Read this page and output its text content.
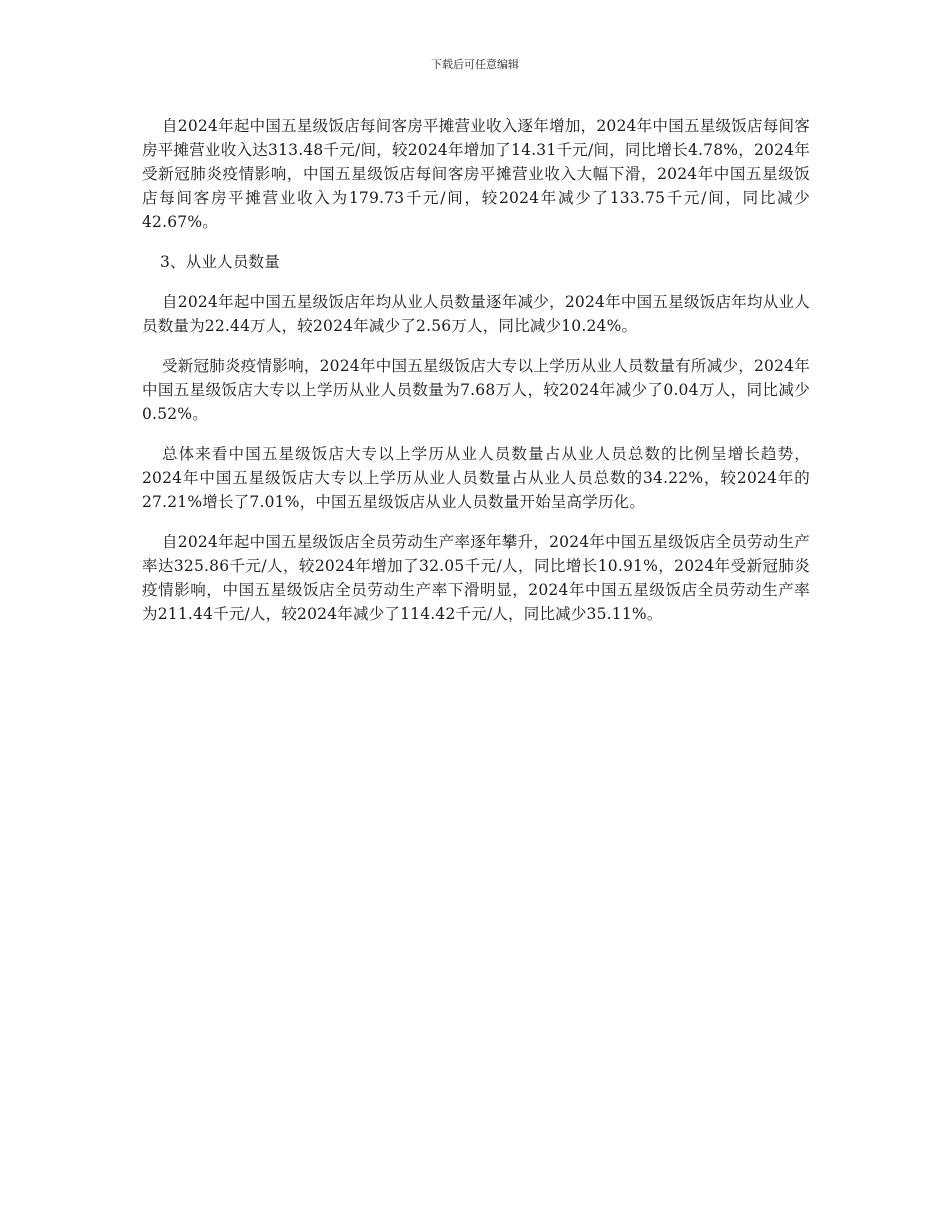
下载后可任意编辑

自2024年起中国五星级饭店每间客房平摊营业收入逐年增加，2024年中国五星级饭店每间客房平摊营业收入达313.48千元/间，较2024年增加了14.31千元/间，同比增长4.78%，2024年受新冠肺炎疫情影响，中国五星级饭店每间客房平摊营业收入大幅下滑，2024年中国五星级饭店每间客房平摊营业收入为179.73千元/间，较2024年减少了133.75千元/间，同比减少42.67%。

3、从业人员数量

自2024年起中国五星级饭店年均从业人员数量逐年减少，2024年中国五星级饭店年均从业人员数量为22.44万人，较2024年减少了2.56万人，同比减少10.24%。

受新冠肺炎疫情影响，2024年中国五星级饭店大专以上学历从业人员数量有所减少，2024年中国五星级饭店大专以上学历从业人员数量为7.68万人，较2024年减少了0.04万人，同比减少0.52%。

总体来看中国五星级饭店大专以上学历从业人员数量占从业人员总数的比例呈增长趋势，2024年中国五星级饭店大专以上学历从业人员数量占从业人员总数的34.22%，较2024年的27.21%增长了7.01%，中国五星级饭店从业人员数量开始呈高学历化。

自2024年起中国五星级饭店全员劳动生产率逐年攀升，2024年中国五星级饭店全员劳动生产率达325.86千元/人，较2024年增加了32.05千元/人，同比增长10.91%，2024年受新冠肺炎疫情影响，中国五星级饭店全员劳动生产率下滑明显，2024年中国五星级饭店全员劳动生产率为211.44千元/人，较2024年减少了114.42千元/人，同比减少35.11%。
